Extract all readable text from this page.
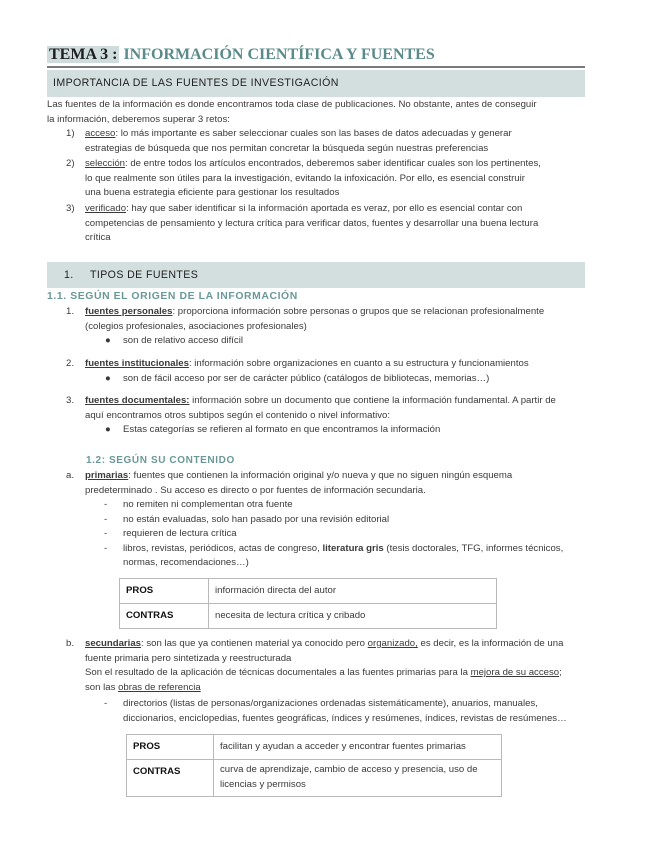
TEMA 3 : INFORMACIÓN CIENTÍFICA Y FUENTES
IMPORTANCIA DE LAS FUENTES DE INVESTIGACIÓN
Las fuentes de la información es donde encontramos toda clase de publicaciones. No obstante, antes de conseguir
la información, deberemos superar 3 retos:
1) acceso: lo más importante es saber seleccionar cuales son las bases de datos adecuadas y generar
estrategias de búsqueda que nos permitan concretar la búsqueda según nuestras preferencias
2) selección: de entre todos los artículos encontrados, deberemos saber identificar cuales son los pertinentes,
lo que realmente son útiles para la investigación, evitando la infoxicación. Por ello, es esencial construir
una buena estrategia eficiente para gestionar los resultados
3) verificado: hay que saber identificar si la información aportada es veraz, por ello es esencial contar con
competencias de pensamiento y lectura crítica para verificar datos, fuentes y desarrollar una buena lectura
crítica
1. TIPOS DE FUENTES
1.1. SEGÚN EL ORIGEN DE LA INFORMACIÓN
1. fuentes personales: proporciona información sobre personas o grupos que se relacionan profesionalmente
(colegios profesionales, asociaciones profesionales)
● son de relativo acceso difícil
2. fuentes institucionales: información sobre organizaciones en cuanto a su estructura y funcionamientos
● son de fácil acceso por ser de carácter público (catálogos de bibliotecas, memorias…)
3. fuentes documentales: información sobre un documento que contiene la información fundamental. A partir de
aquí encontramos otros subtipos según el contenido o nivel informativo:
● Estas categorías se refieren al formato en que encontramos la información
1.2: SEGÚN SU CONTENIDO
a. primarias: fuentes que contienen la información original y/o nueva y que no siguen ningún esquema
predeterminado . Su acceso es directo o por fuentes de información secundaria.
- no remiten ni complementan otra fuente
- no están evaluadas, solo han pasado por una revisión editorial
- requieren de lectura crítica
- libros, revistas, periódicos, actas de congreso, literatura gris (tesis doctorales, TFG, informes técnicos,
normas, recomendaciones…)
PROS	información directa del autor
CONTRAS	necesita de lectura crítica y cribado
b. secundarias: son las que ya contienen material ya conocido pero organizado, es decir, es la información de una
fuente primaria pero sintetizada y reestructurada
Son el resultado de la aplicación de técnicas documentales a las fuentes primarias para la mejora de su acceso;
son las obras de referencia
- directorios (listas de personas/organizaciones ordenadas sistemáticamente), anuarios, manuales,
diccionarios, enciclopedias, fuentes geográficas, índices y resúmenes, índices, revistas de resúmenes…
PROS	facilitan y ayudan a acceder y encontrar fuentes primarias
CONTRAS	curva de aprendizaje, cambio de acceso y presencia, uso de
licencias y permisos
